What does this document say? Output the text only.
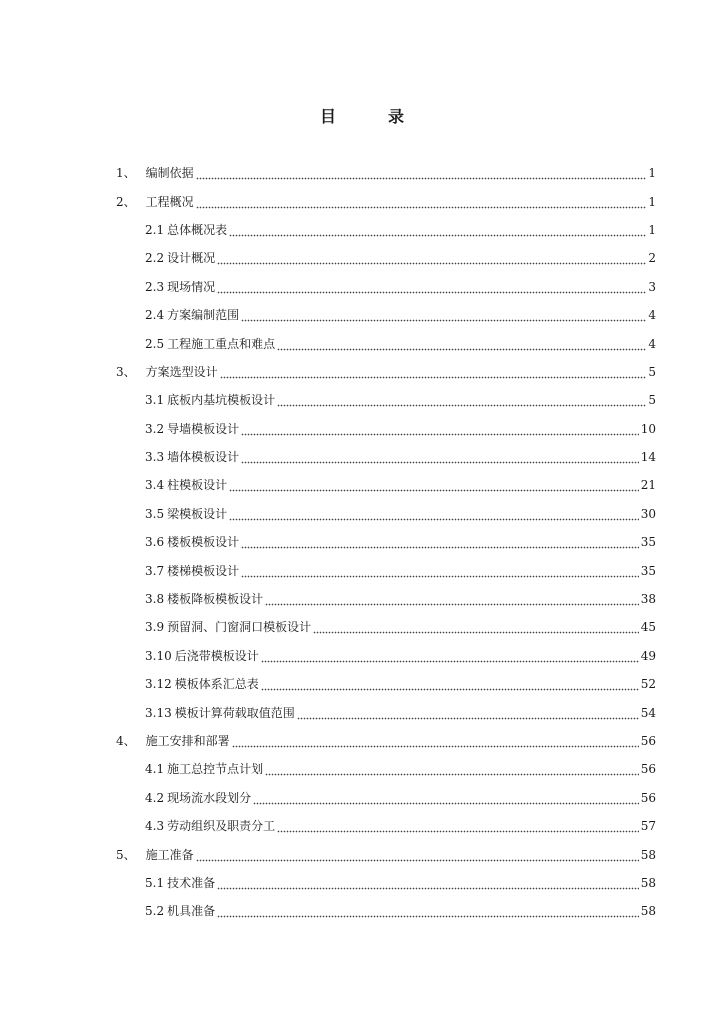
目　录
1、 编制依据	1
2、 工程概况	1
2.1 总体概况表	1
2.2 设计概况	2
2.3 现场情况	3
2.4 方案编制范围	4
2.5 工程施工重点和难点	4
3、 方案选型设计	5
3.1 底板内基坑模板设计	5
3.2 导墙模板设计	10
3.3 墙体模板设计	14
3.4 柱模板设计	21
3.5 梁模板设计	30
3.6 楼板模板设计	35
3.7 楼梯模板设计	35
3.8 楼板降板模板设计	38
3.9 预留洞、门窗洞口模板设计	45
3.10 后浇带模板设计	49
3.12 模板体系汇总表	52
3.13 模板计算荷载取值范围	54
4、 施工安排和部署	56
4.1 施工总控节点计划	56
4.2 现场流水段划分	56
4.3 劳动组织及职责分工	57
5、 施工准备	58
5.1 技术准备	58
5.2 机具准备	58
